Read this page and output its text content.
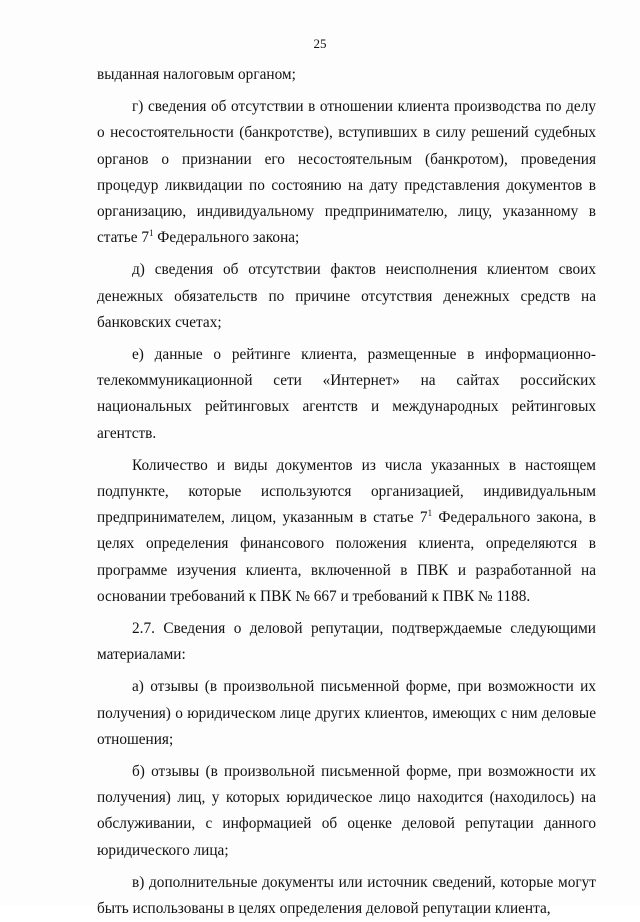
25

выданная налоговым органом;

г) сведения об отсутствии в отношении клиента производства по делу о несостоятельности (банкротстве), вступивших в силу решений судебных органов о признании его несостоятельным (банкротом), проведения процедур ликвидации по состоянию на дату представления документов в организацию, индивидуальному предпринимателю, лицу, указанному в статье $7^1$ Федерального закона;

д) сведения об отсутствии фактов неисполнения клиентом своих денежных обязательств по причине отсутствия денежных средств на банковских счетах;

е) данные о рейтинге клиента, размещенные в информационно-телекоммуникационной сети «Интернет» на сайтах российских национальных рейтинговых агентств и международных рейтинговых агентств.

Количество и виды документов из числа указанных в настоящем подпункте, которые используются организацией, индивидуальным предпринимателем, лицом, указанным в статье $7^1$ Федерального закона, в целях определения финансового положения клиента, определяются в программе изучения клиента, включенной в ПВК и разработанной на основании требований к ПВК № 667 и требований к ПВК № 1188.

2.7. Сведения о деловой репутации, подтверждаемые следующими материалами:

а) отзывы (в произвольной письменной форме, при возможности их получения) о юридическом лице других клиентов, имеющих с ним деловые отношения;

б) отзывы (в произвольной письменной форме, при возможности их получения) лиц, у которых юридическое лицо находится (находилось) на обслуживании, с информацией об оценке деловой репутации данного юридического лица;

в) дополнительные документы или источник сведений, которые могут быть использованы в целях определения деловой репутации клиента,
